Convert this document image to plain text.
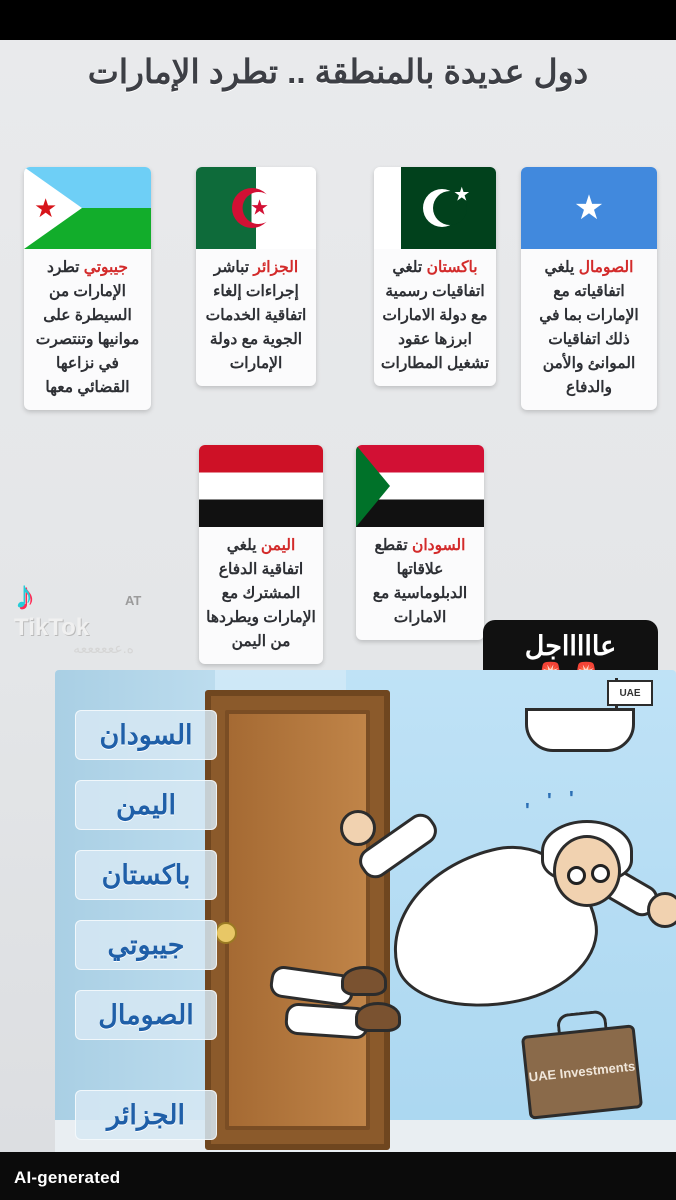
دول عديدة بالمنطقة .. تطرد الإمارات
★
جيبوتي تطرد الإمارات من السيطرة على موانيها وتنتصرت في نزاعها القضائي معها
★
الجزائر تباشر إجراءات إلغاء اتفاقية الخدمات الجوية مع دولة الإمارات
★
باكستان تلغي اتفاقيات رسمية مع دولة الامارات ابرزها عقود تشغيل المطارات
★
الصومال يلغي اتفاقياته مع الإمارات بما في ذلك اتفاقيات الموانئ والأمن والدفاع
اليمن يلغي اتفاقية الدفاع المشترك مع الإمارات ويطردها من اليمن
السودان تقطع علاقاتها الدبلوماسية مع الامارات
عاااااجل
♪
TikTok
ه.ععععععه
AT
السودان
اليمن
باكستان
جيبوتي
الصومال
الجزائر
UAE
' ' '
UAE Investments
AI-generated
